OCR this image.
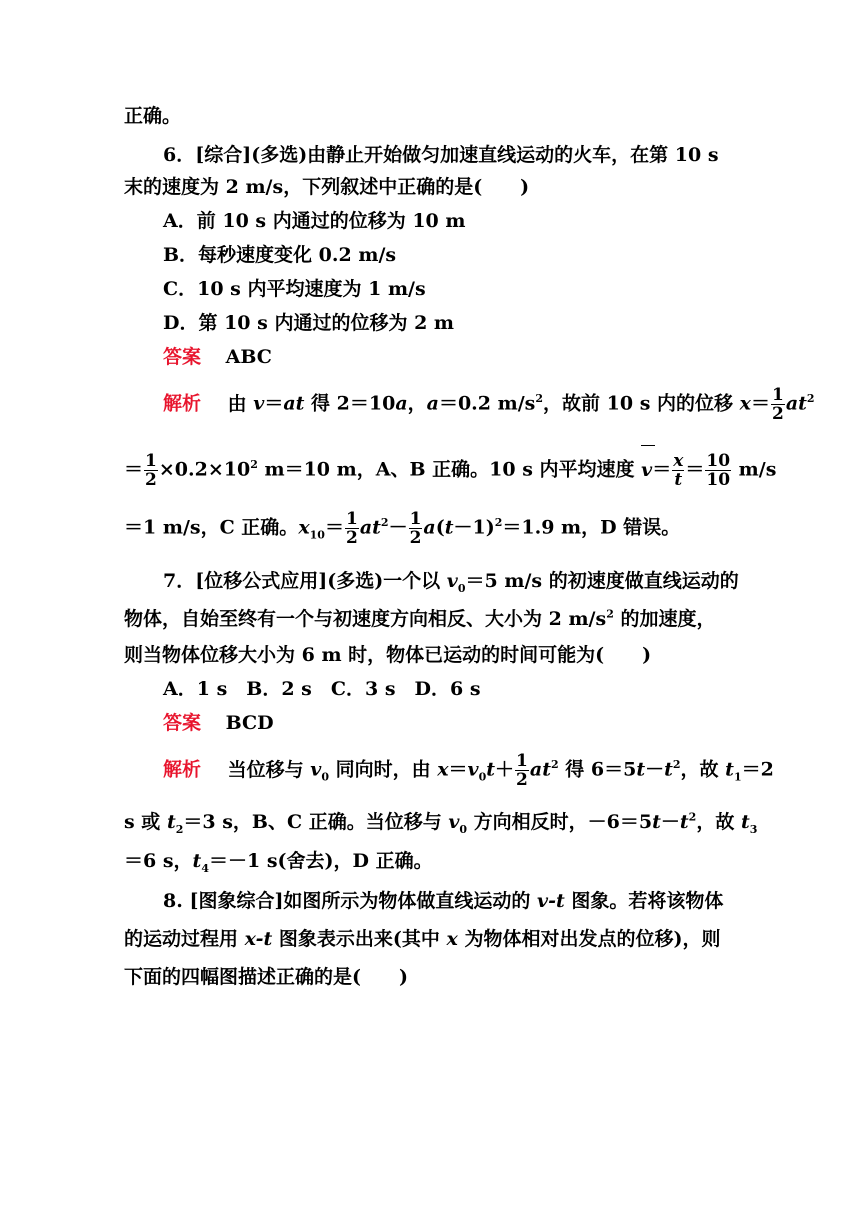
正确。
6．[综合](多选)由静止开始做匀加速直线运动的火车，在第 10 s
末的速度为 2 m/s，下列叙述中正确的是(　　)
A．前 10 s 内通过的位移为 10 m
B．每秒速度变化 0.2 m/s
C．10 s 内平均速度为 1 m/s
D．第 10 s 内通过的位移为 2 m
答案 ABC
解析 由 v＝at 得 2＝10a，a＝0.2 $m/s^2$，故前 10 s 内的位移 $x= \frac{1}{2} at^2$
＝ $\frac{1}{2} \times 0.2\times 10^2$ m＝10 m，A、B 正确。10 s 内平均速度 $v= \frac{x}{t} = \frac{10}{10} m/s$
＝1 m/s，C 正确。$x_{10}= \frac{1}{2} at^2- \frac{1}{2} a(t-1)^2=1.9$ m，D 错误。
7．[位移公式应用](多选)一个以 $v_0=5$ m/s 的初速度做直线运动的
物体，自始至终有一个与初速度方向相反、大小为 2 $m/s^2$ 的加速度，
则当物体位移大小为 6 m 时，物体已运动的时间可能为(　　)
A．1 s　B．2 s　C．3 s　D．6 s
答案 BCD
解析 当位移与 $v_0$ 同向时，由 $x=v_0t+ \frac{1}{2} at^2$ 得 $6=5t-t^2$，故 $t_1=2$
s 或 $t_2=3$ s，B、C 正确。当位移与 $v_0$ 方向相反时，$-6=5t-t^2$，故 $t_3$
＝6 s，$t_4=-1$ s(舍去)，D 正确。
8. [图象综合]如图所示为物体做直线运动的 v-t 图象。若将该物体
的运动过程用 x-t 图象表示出来(其中 x 为物体相对出发点的位移)，则
下面的四幅图描述正确的是(　　)
